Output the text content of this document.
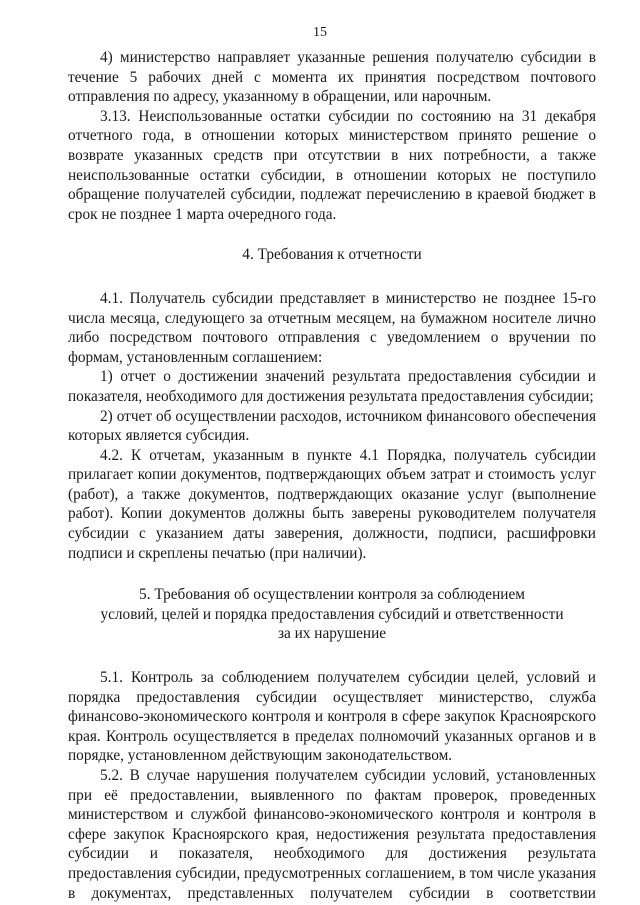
15

4) министерство направляет указанные решения получателю субсидии в течение 5 рабочих дней с момента их принятия посредством почтового отправления по адресу, указанному в обращении, или нарочным.

3.13. Неиспользованные остатки субсидии по состоянию на 31 декабря отчетного года, в отношении которых министерством принято решение о возврате указанных средств при отсутствии в них потребности, а также неиспользованные остатки субсидии, в отношении которых не поступило обращение получателей субсидии, подлежат перечислению в краевой бюджет в срок не позднее 1 марта очередного года.

4. Требования к отчетности

4.1. Получатель субсидии представляет в министерство не позднее 15-го числа месяца, следующего за отчетным месяцем, на бумажном носителе лично либо посредством почтового отправления с уведомлением о вручении по формам, установленным соглашением:

1) отчет о достижении значений результата предоставления субсидии и показателя, необходимого для достижения результата предоставления субсидии;

2) отчет об осуществлении расходов, источником финансового обеспечения которых является субсидия.

4.2. К отчетам, указанным в пункте 4.1 Порядка, получатель субсидии прилагает копии документов, подтверждающих объем затрат и стоимость услуг (работ), а также документов, подтверждающих оказание услуг (выполнение работ). Копии документов должны быть заверены руководителем получателя субсидии с указанием даты заверения, должности, подписи, расшифровки подписи и скреплены печатью (при наличии).

5. Требования об осуществлении контроля за соблюдением

условий, целей и порядка предоставления субсидий и ответственности

за их нарушение

5.1. Контроль за соблюдением получателем субсидии целей, условий и порядка предоставления субсидии осуществляет министерство, служба финансово-экономического контроля и контроля в сфере закупок Красноярского края. Контроль осуществляется в пределах полномочий указанных органов и в порядке, установленном действующим законодательством.

5.2. В случае нарушения получателем субсидии условий, установленных при её предоставлении, выявленного по фактам проверок, проведенных министерством и службой финансово-экономического контроля и контроля в сфере закупок Красноярского края, недостижения результата предоставления субсидии и показателя, необходимого для достижения результата предоставления субсидии, предусмотренных соглашением, в том числе указания в документах, представленных получателем субсидии в соответствии
